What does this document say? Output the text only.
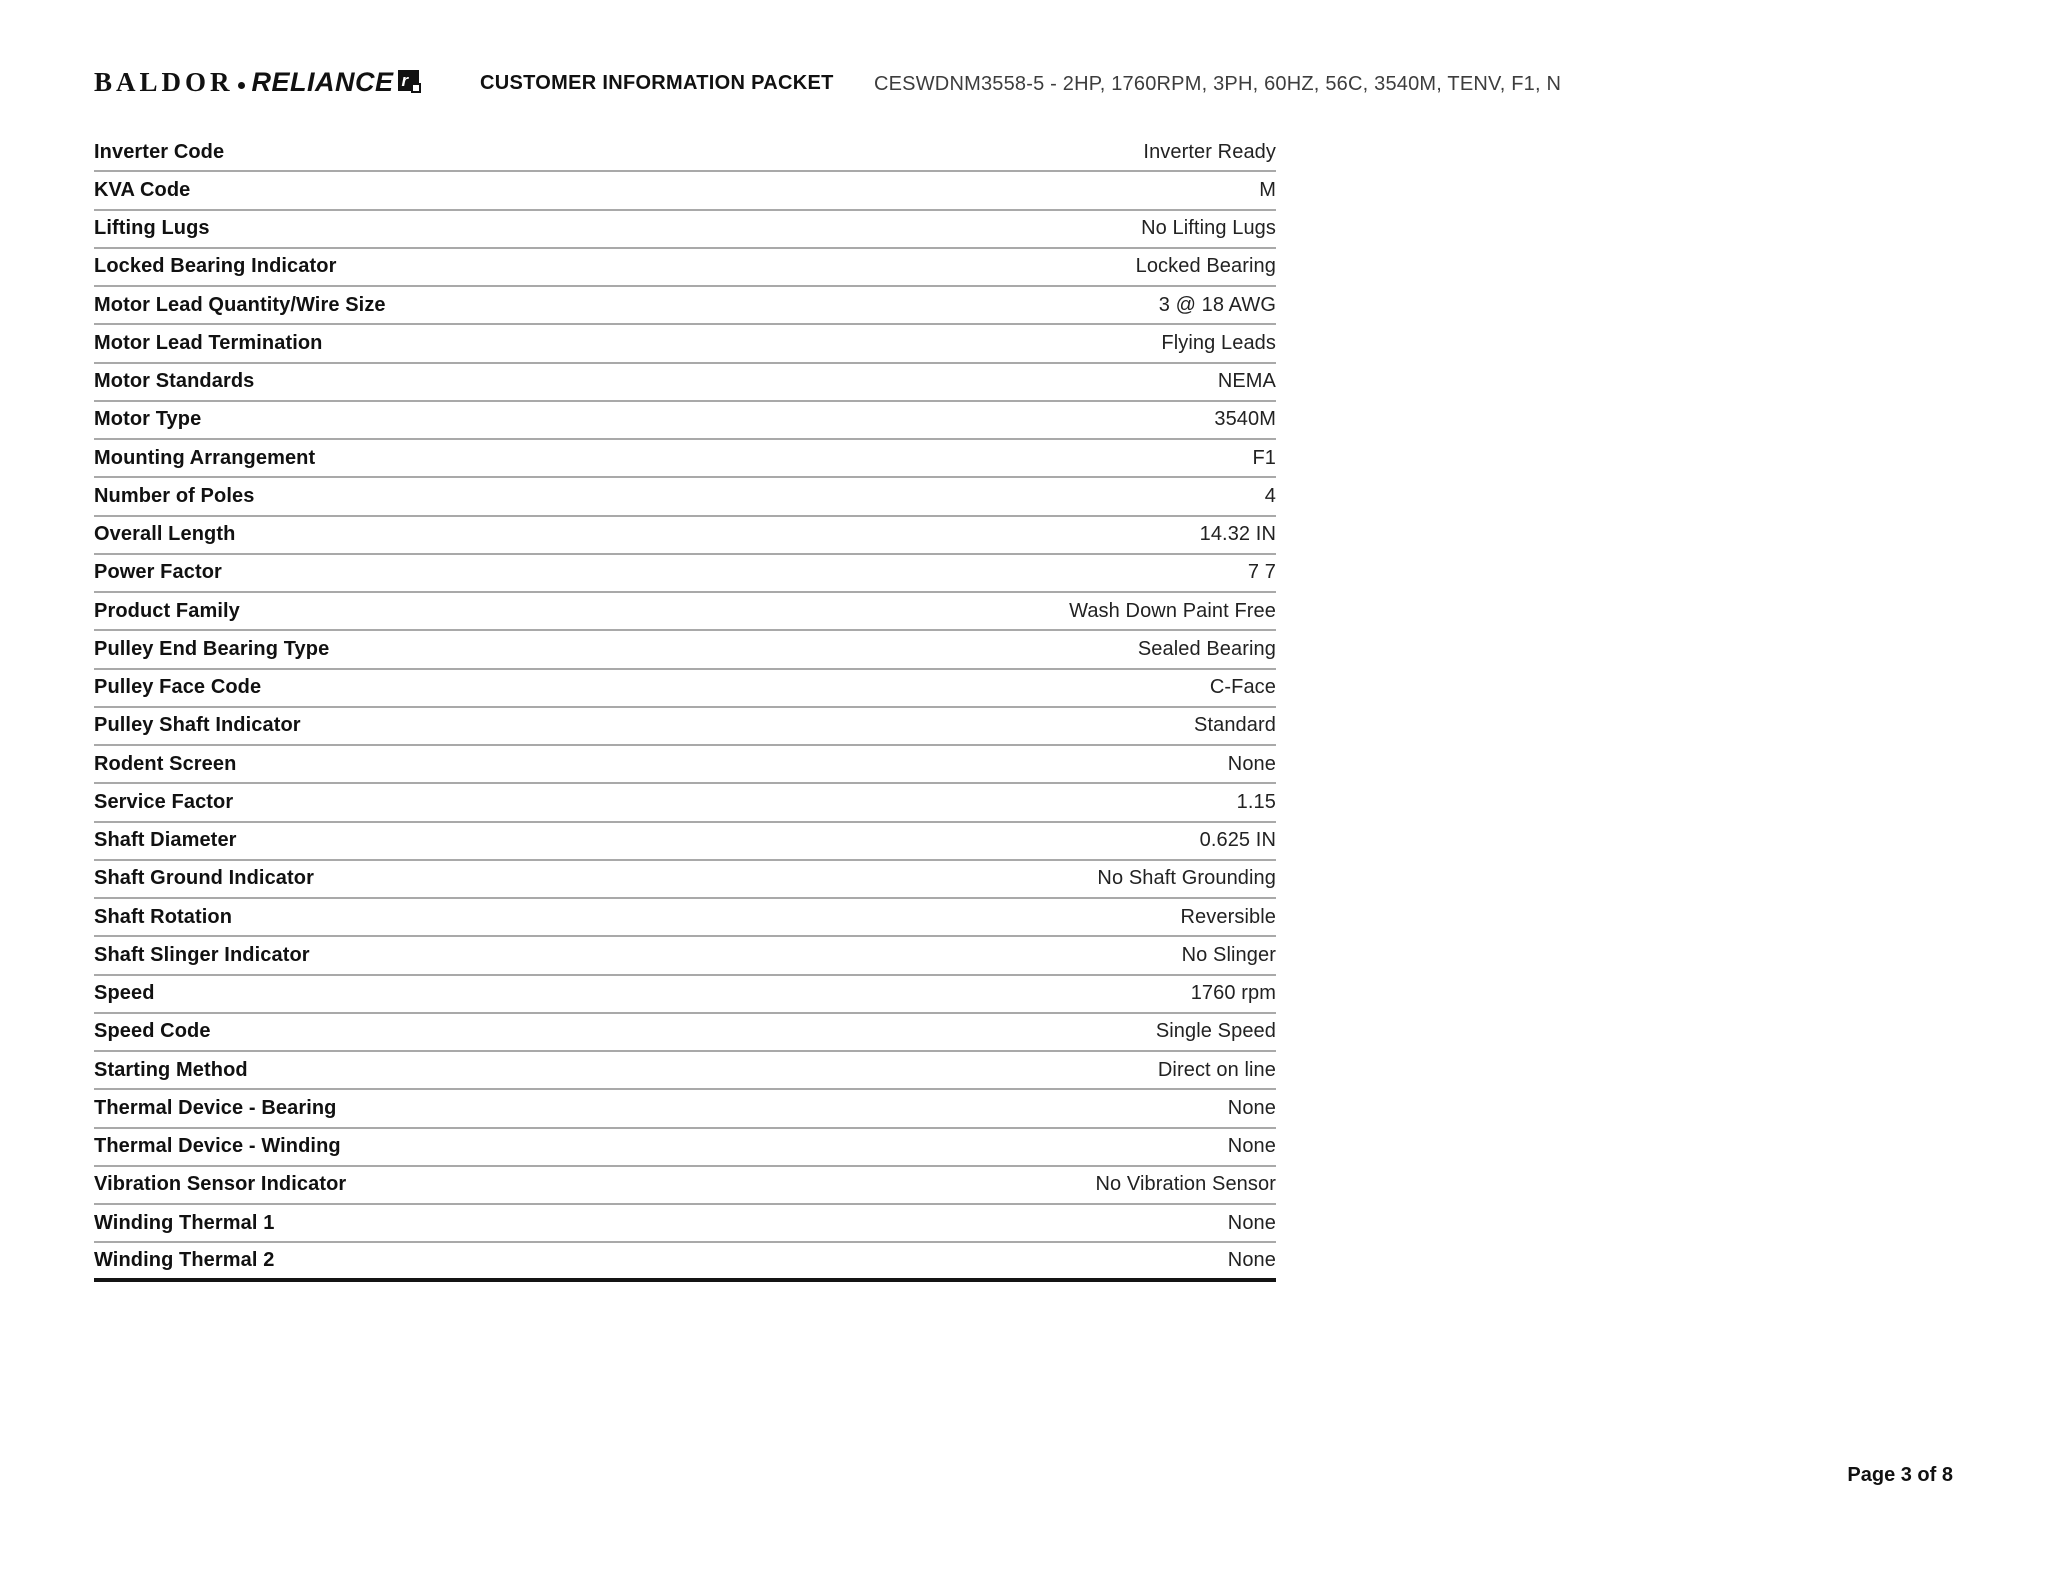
BALDOR RELIANCE r	CUSTOMER INFORMATION PACKET CESWDNM3558-5 - 2HP, 1760RPM, 3PH, 60HZ, 56C, 3540M, TENV, F1, N
Inverter Code	Inverter Ready
KVA Code	M
Lifting Lugs	No Lifting Lugs
Locked Bearing Indicator	Locked Bearing
Motor Lead Quantity/Wire Size	3 @ 18 AWG
Motor Lead Termination	Flying Leads
Motor Standards	NEMA
Motor Type	3540M
Mounting Arrangement	F1
Number of Poles	4
Overall Length	14.32 IN
Power Factor	7 7
Product Family	Wash Down Paint Free
Pulley End Bearing Type	Sealed Bearing
Pulley Face Code	C-Face
Pulley Shaft Indicator	Standard
Rodent Screen	None
Service Factor	1.15
Shaft Diameter	0.625 IN
Shaft Ground Indicator	No Shaft Grounding
Shaft Rotation	Reversible
Shaft Slinger Indicator	No Slinger
Speed	1760 rpm
Speed Code	Single Speed
Starting Method	Direct on line
Thermal Device - Bearing	None
Thermal Device - Winding	None
Vibration Sensor Indicator	No Vibration Sensor
Winding Thermal 1	None
Winding Thermal 2	None
Page 3 of 8
